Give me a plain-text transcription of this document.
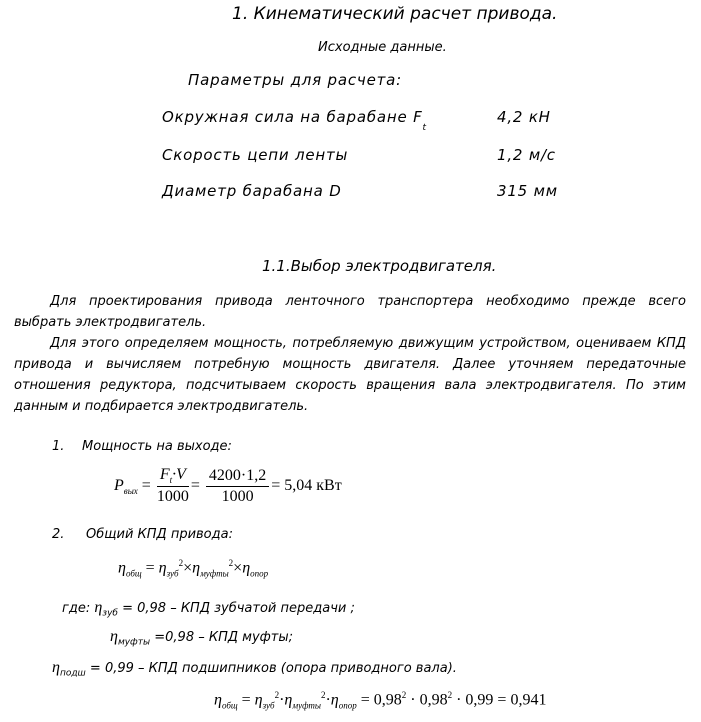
1. Кинематический расчет привода.
Исходные данные.
Параметры для расчета:
Окружная сила на барабане $F_t$
4,2 кН
Скорость цепи ленты	1,2 м/с
Диаметр барабана D	315 мм
1.1.Выбор электродвигателя.
Для проектирования привода ленточного транспортера необходимо прежде всего выбрать электродвигатель.
Для этого определяем мощность, потребляемую движущим устройством, оцениваем КПД привода и вычисляем потребную мощность двигателя. Далее уточняем передаточные отношения редуктора, подсчитываем скорость вращения вала электродвигателя. По этим данным и подбирается электродвигатель.
1. Мощность на выходе:
$P_{вых} = \frac{F_t\cdot V}{1000} = \frac{4200\cdot 1,2}{1000} = 5,04$ кВт
2. Общий КПД привода:
$\eta_{общ} = \eta_{зуб}^2\times\eta_{муфты}^2\times\eta_{опор}$
где: $\eta_{зуб} = 0,98$ – КПД зубчатой передачи ;
$\eta_{муфты} =0,98$ – КПД муфты;
$\eta_{подш} = 0,99$ – КПД подшипников (опора приводного вала).
$\eta_{общ} = \eta_{зуб}^2\cdot\eta_{муфты}^2\cdot\eta_{опор} = 0,98^2 \cdot 0,98^2 \cdot 0,99 = 0,941$
